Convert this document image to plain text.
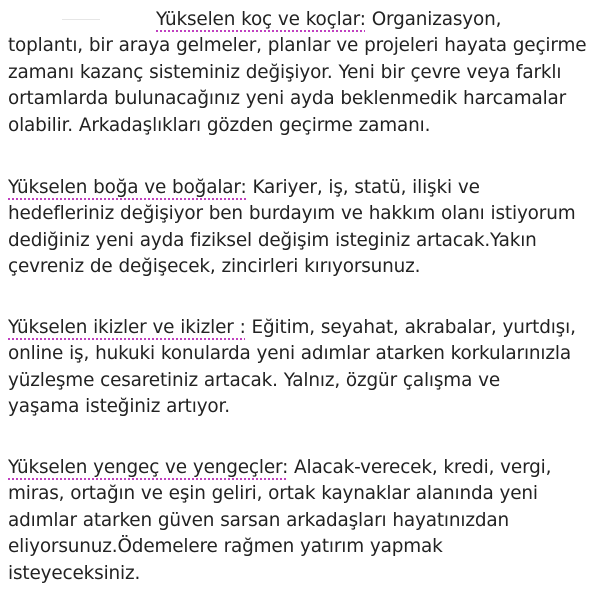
Yükselen koç ve koçlar: Organizasyon,
toplantı, bir araya gelmeler, planlar ve projeleri hayata geçirme
zamanı kazanç sisteminiz değişiyor. Yeni bir çevre veya farklı
ortamlarda bulunacağınız yeni ayda beklenmedik harcamalar
olabilir. Arkadaşlıkları gözden geçirme zamanı.

Yükselen boğa ve boğalar: Kariyer, iş, statü, ilişki ve
hedefleriniz değişiyor ben burdayım ve hakkım olanı istiyorum
dediğiniz yeni ayda fiziksel değişim isteginiz artacak.Yakın
çevreniz de değişecek, zincirleri kırıyorsunuz.

Yükselen ikizler ve ikizler : Eğitim, seyahat, akrabalar, yurtdışı,
online iş, hukuki konularda yeni adımlar atarken korkularınızla
yüzleşme cesaretiniz artacak. Yalnız, özgür çalışma ve
yaşama isteğiniz artıyor.

Yükselen yengeç ve yengeçler: Alacak-verecek, kredi, vergi,
miras, ortağın ve eşin geliri, ortak kaynaklar alanında yeni
adımlar atarken güven sarsan arkadaşları hayatınızdan
eliyorsunuz.Ödemelere rağmen yatırım yapmak
isteyeceksiniz.
